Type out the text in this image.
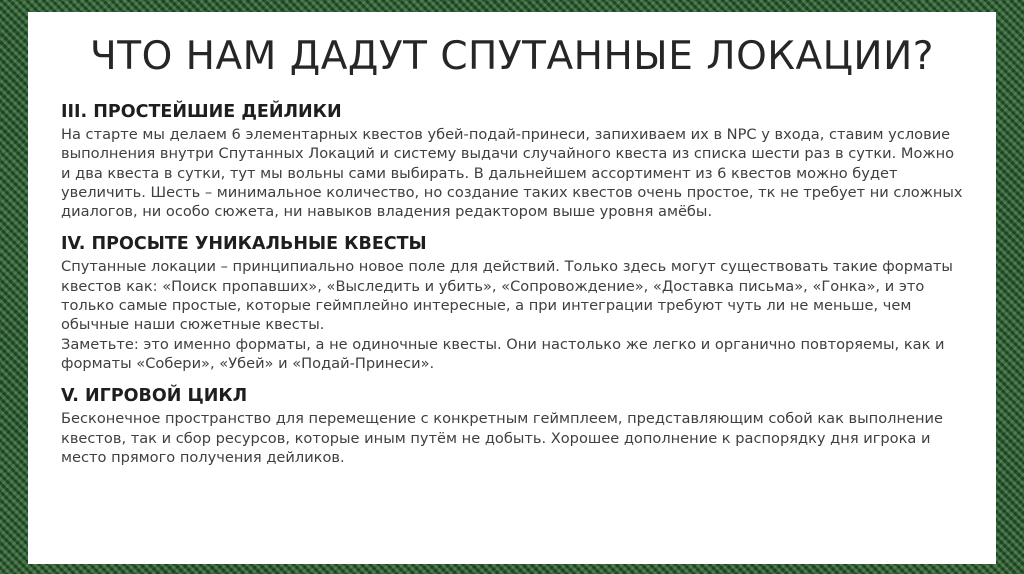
ЧТО НАМ ДАДУТ СПУТАННЫЕ ЛОКАЦИИ?

III. ПРОСТЕЙШИЕ ДЕЙЛИКИ

На старте мы делаем 6 элементарных квестов убей-подай-принеси, запихиваем их в NPC у входа, ставим условие выполнения внутри Спутанных Локаций и систему выдачи случайного квеста из списка шести раз в сутки. Можно и два квеста в сутки, тут мы вольны сами выбирать. В дальнейшем ассортимент из 6 квестов можно будет увеличить. Шесть – минимальное количество, но создание таких квестов очень простое, тк не требует ни сложных диалогов, ни особо сюжета, ни навыков владения редактором выше уровня амёбы.

IV. ПРОСЫТЕ УНИКАЛЬНЫЕ КВЕСТЫ

Спутанные локации – принципиально новое поле для действий. Только здесь могут существовать такие форматы квестов как: «Поиск пропавших», «Выследить и убить», «Сопровождение», «Доставка письма», «Гонка», и это только самые простые, которые геймплейно интересные, а при интеграции требуют чуть ли не меньше, чем обычные наши сюжетные квесты.

Заметьте: это именно форматы, а не одиночные квесты. Они настолько же легко и органично повторяемы, как и форматы «Собери», «Убей» и «Подай-Принеси».

V. ИГРОВОЙ ЦИКЛ

Бесконечное пространство для перемещение с конкретным геймплеем, представляющим собой как выполнение квестов, так и сбор ресурсов, которые иным путём не добыть. Хорошее дополнение к распорядку дня игрока и место прямого получения дейликов.
